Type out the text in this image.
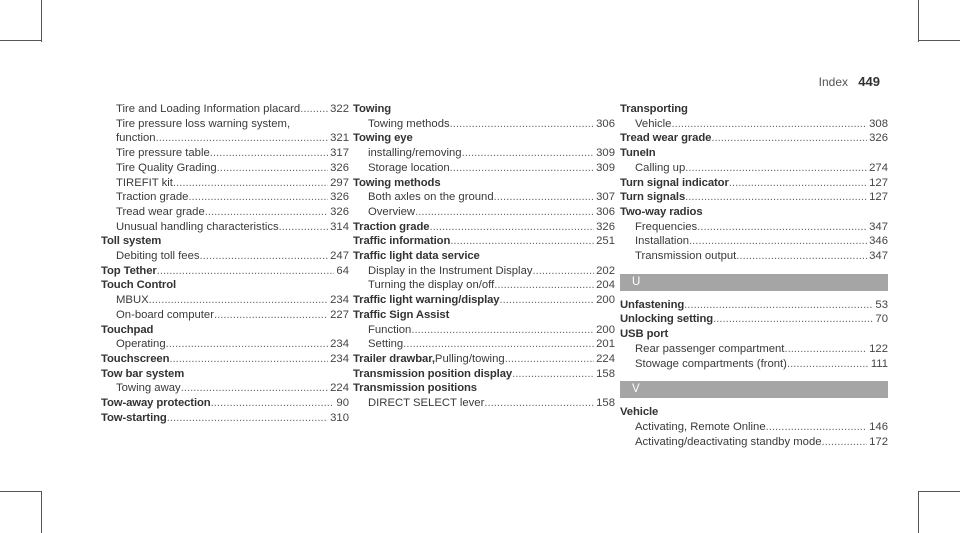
Index 449
Tire and Loading Information placard .....	322
Tire pressure loss warning system,
function .....	321
Tire pressure table .....	317
Tire Quality Grading .....	326
TIREFIT kit .....	297
Traction grade .....	326
Tread wear grade .....	326
Unusual handling characteristics .....	314
Toll system
Debiting toll fees .....	247
Top Tether .....	64
Touch Control
MBUX .....	234
On-board computer .....	227
Touchpad
Operating .....	234
Touchscreen .....	234
Tow bar system
Towing away .....	224
Tow-away protection .....	90
Tow-starting .....	310
Towing
Towing methods .....	306
Towing eye
installing/removing .....	309
Storage location .....	309
Towing methods
Both axles on the ground .....	307
Overview .....	306
Traction grade .....	326
Traffic information .....	251
Traffic light data service
Display in the Instrument Display .....	202
Turning the display on/off .....	204
Traffic light warning/display .....	200
Traffic Sign Assist
Function .....	200
Setting .....	201
Trailer drawbar, Pulling/towing .....	224
Transmission position display .....	158
Transmission positions
DIRECT SELECT lever .....	158
Transporting
Vehicle .....	308
Tread wear grade .....	326
TuneIn
Calling up .....	274
Turn signal indicator .....	127
Turn signals .....	127
Two-way radios
Frequencies .....	347
Installation .....	346
Transmission output .....	347
U
Unfastening .....	53
Unlocking setting .....	70
USB port
Rear passenger compartment .....	122
Stowage compartments (front) .....	111
V
Vehicle
Activating, Remote Online .....	146
Activating/deactivating standby mode .....	172
